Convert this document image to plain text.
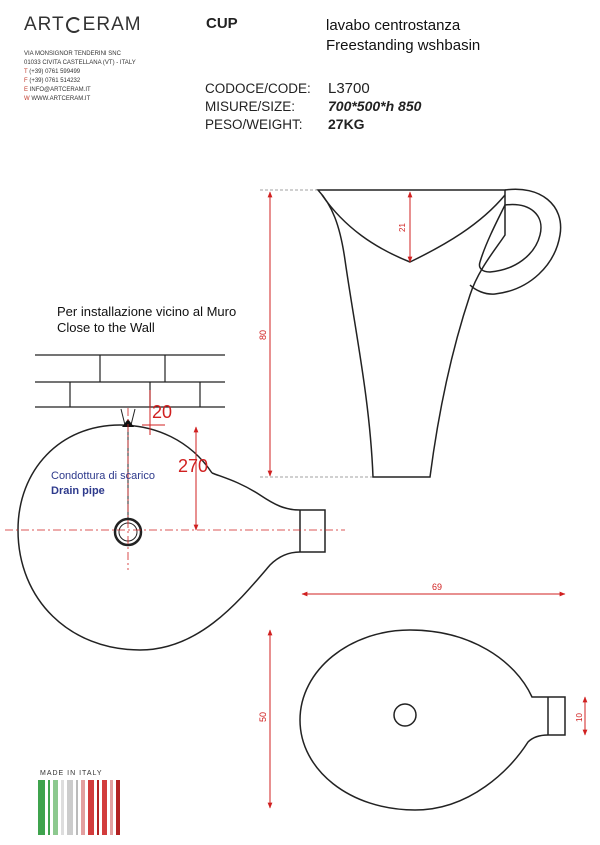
ART ERAM
VIA MONSIGNOR TENDERINI SNC
01033 CIVITA CASTELLANA (VT) - ITALY
T (+39) 0761 599499
F (+39) 0761 514232
E INFO@ARTCERAM.IT
W WWW.ARTCERAM.IT
CUP	lavabo centrostanza
Freestanding wshbasin
CODOCE/CODE: L3700
MISURE/SIZE: 700*500*h 850
PESO/WEIGHT: 27KG
21
80
69
50	10
Per installazione vicino al Muro
Close to the Wall
Condottura di scarico
Drain pipe
20
270
MADE IN ITALY
